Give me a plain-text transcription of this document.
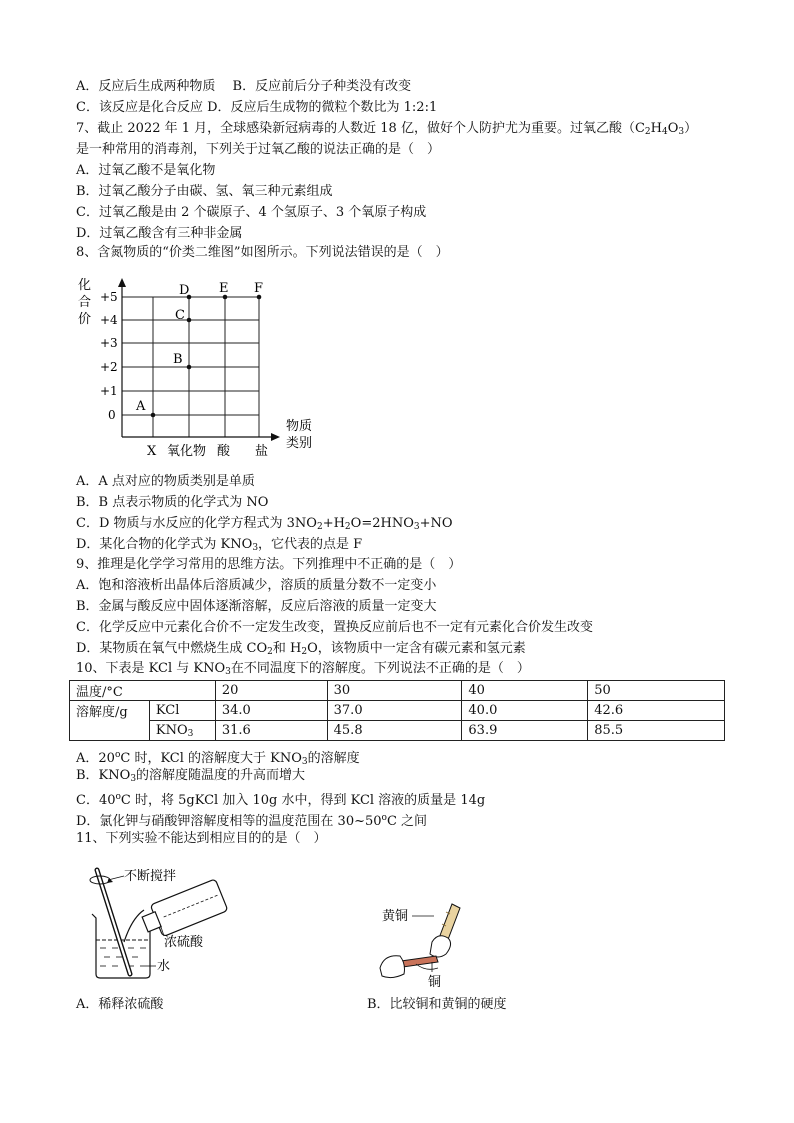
A．反应后生成两种物质　 B．反应前后分子种类没有改变
C．该反应是化合反应 D．反应后生成物的微粒个数比为 1:2:1
7、截止 2022 年 1 月，全球感染新冠病毒的人数近 18 亿，做好个人防护尤为重要。过氧乙酸$(C_2H_4O_3)$
是一种常用的消毒剂，下列关于过氧乙酸的说法正确的是（　）
A．过氧乙酸不是氧化物
B．过氧乙酸分子由碳、氢、氧三种元素组成
C．过氧乙酸是由 2 个碳原子、4 个氢原子、3 个氧原子构成
D．过氧乙酸含有三种非金属
8、含氮物质的“价类二维图”如图所示。下列说法错误的是（　）
化
合
价
+5
+4
+3
+2
+1
0
X 氧化物 酸 盐
物质
类别
A
B
C
D E F
A．A 点对应的物质类别是单质
B．B 点表示物质的化学式为 NO
C．D 物质与水反应的化学方程式为 $3NO_2+H_2O=2HNO_3+NO$
D．某化合物的化学式为 $KNO_3$，它代表的点是 F
9、推理是化学学习常用的思维方法。下列推理中不正确的是（　）
A．饱和溶液析出晶体后溶质减少，溶质的质量分数不一定变小
B．金属与酸反应中固体逐渐溶解，反应后溶液的质量一定变大
C．化学反应中元素化合价不一定发生改变，置换反应前后也不一定有元素化合价发生改变
D．某物质在氧气中燃烧生成 $CO_2$和 $H_2O$，该物质中一定含有碳元素和氢元素
10、下表是 KCl 与 $KNO_3$在不同温度下的溶解度。下列说法不正确的是（　）
温度/°C		20	30	40	50
溶解度/g	KCl	34.0	37.0	40.0	42.6
	$KNO_3$	31.6	45.8	63.9	85.5
A．20$^o$C 时，KCl 的溶解度大于 $KNO_3$的溶解度
B．$KNO_3$的溶解度随温度的升高而增大
C．40$^o$C 时，将 5gKCl 加入 10g 水中，得到 KCl 溶液的质量是 14g
D．氯化钾与硝酸钾溶解度相等的温度范围在 30~50$^o$C 之间
11、下列实验不能达到相应目的的是（　）
不断搅拌
浓硫酸
水
黄铜
铜
A．稀释浓硫酸	B．比较铜和黄铜的硬度
